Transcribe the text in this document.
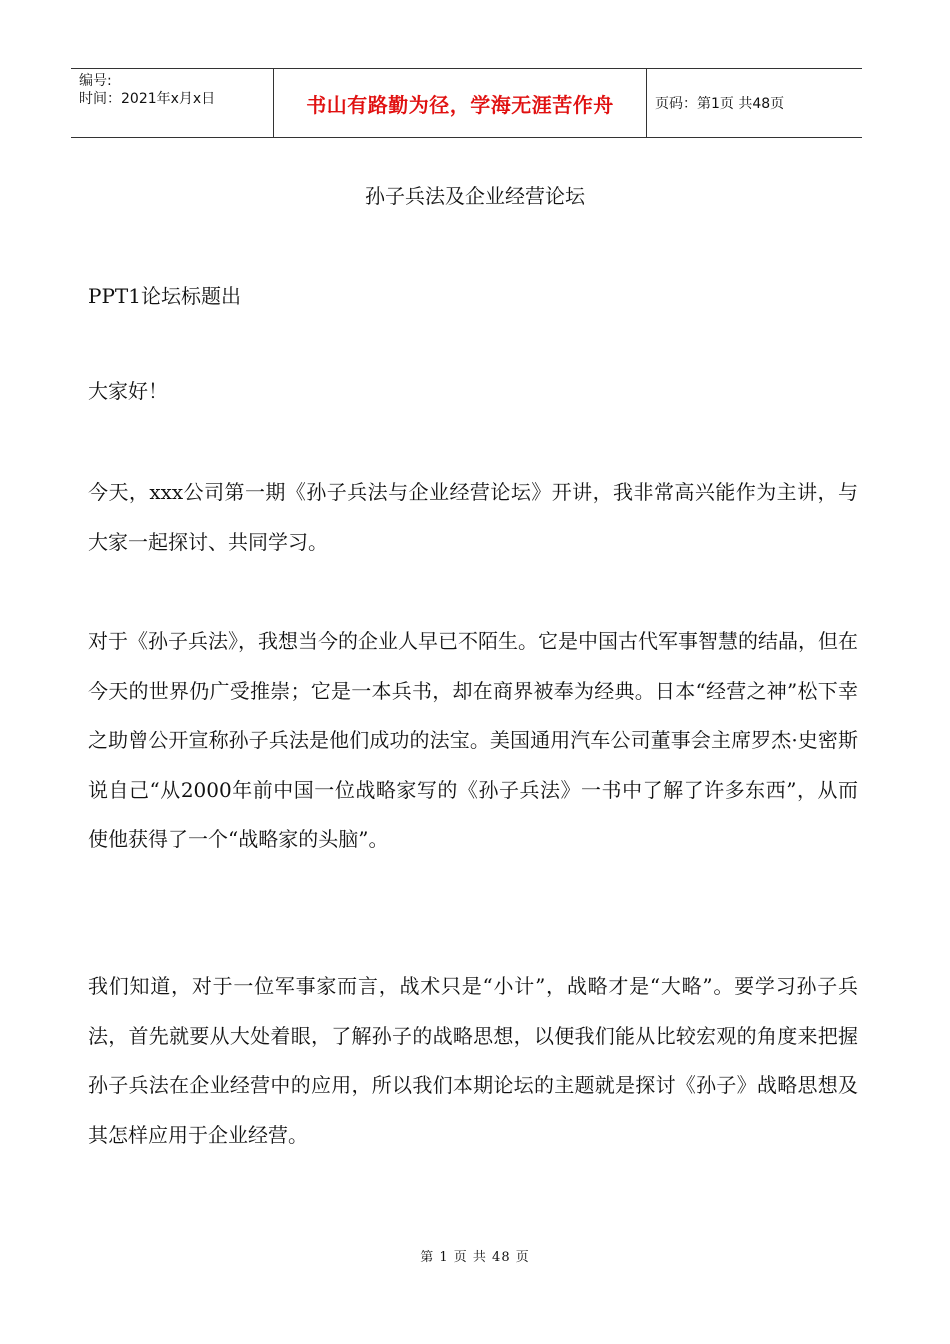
编号:
时间：2021年x月x日	书山有路勤为径，学海无涯苦作舟	页码：第1页 共48页
孙子兵法及企业经营论坛

PPT1论坛标题出

大家好！

今天，xxx公司第一期《孙子兵法与企业经营论坛》开讲，我非常高兴能作为主讲，与大家一起探讨、共同学习。

对于《孙子兵法》，我想当今的企业人早已不陌生。它是中国古代军事智慧的结晶，但在今天的世界仍广受推崇；它是一本兵书，却在商界被奉为经典。日本“经营之神”松下幸之助曾公开宣称孙子兵法是他们成功的法宝。美国通用汽车公司董事会主席罗杰·史密斯说自己“从2000年前中国一位战略家写的《孙子兵法》一书中了解了许多东西”，从而使他获得了一个“战略家的头脑”。

我们知道，对于一位军事家而言，战术只是“小计”，战略才是“大略”。要学习孙子兵法，首先就要从大处着眼，了解孙子的战略思想，以便我们能从比较宏观的角度来把握孙子兵法在企业经营中的应用，所以我们本期论坛的主题就是探讨《孙子》战略思想及其怎样应用于企业经营。

第 1 页 共 48 页
